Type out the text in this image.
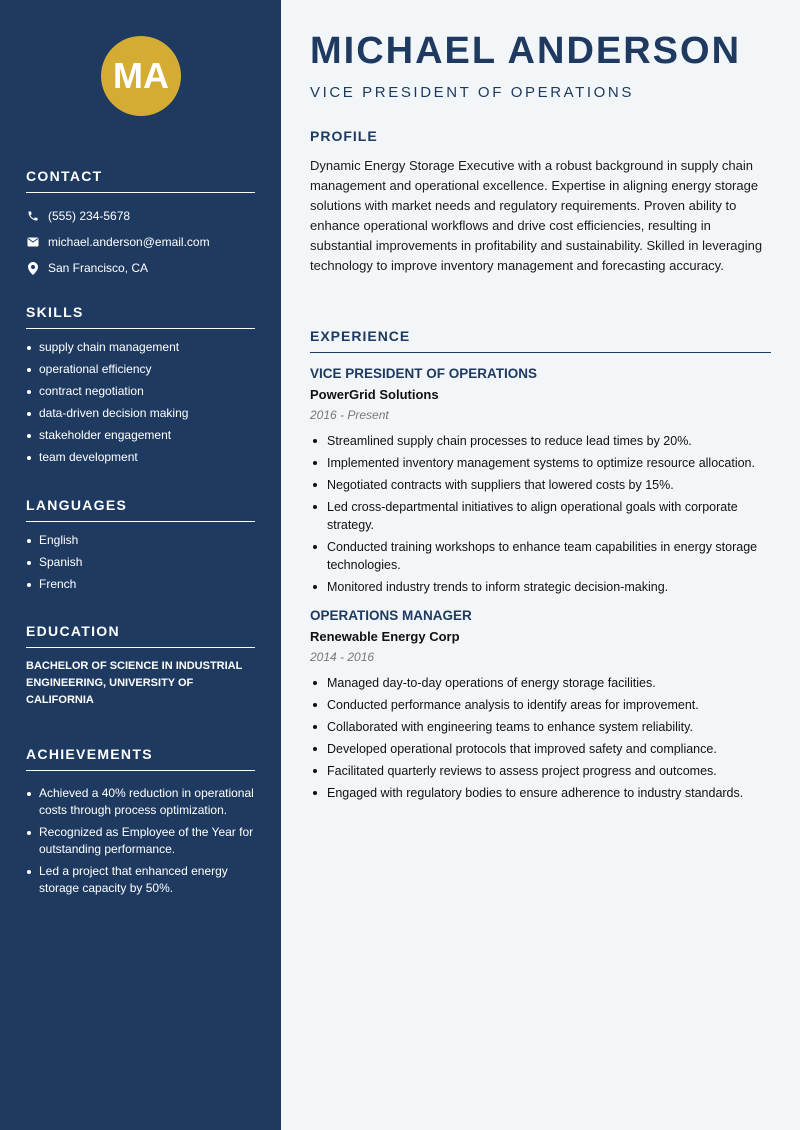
MA
CONTACT
(555) 234-5678
michael.anderson@email.com
San Francisco, CA
SKILLS
supply chain management
operational efficiency
contract negotiation
data-driven decision making
stakeholder engagement
team development
LANGUAGES
English
Spanish
French
EDUCATION
BACHELOR OF SCIENCE IN INDUSTRIAL ENGINEERING, UNIVERSITY OF CALIFORNIA
ACHIEVEMENTS
Achieved a 40% reduction in operational costs through process optimization.
Recognized as Employee of the Year for outstanding performance.
Led a project that enhanced energy storage capacity by 50%.
MICHAEL ANDERSON
VICE PRESIDENT OF OPERATIONS
PROFILE
Dynamic Energy Storage Executive with a robust background in supply chain management and operational excellence. Expertise in aligning energy storage solutions with market needs and regulatory requirements. Proven ability to enhance operational workflows and drive cost efficiencies, resulting in substantial improvements in profitability and sustainability. Skilled in leveraging technology to improve inventory management and forecasting accuracy.
EXPERIENCE
VICE PRESIDENT OF OPERATIONS
PowerGrid Solutions
2016 - Present
Streamlined supply chain processes to reduce lead times by 20%.
Implemented inventory management systems to optimize resource allocation.
Negotiated contracts with suppliers that lowered costs by 15%.
Led cross-departmental initiatives to align operational goals with corporate strategy.
Conducted training workshops to enhance team capabilities in energy storage technologies.
Monitored industry trends to inform strategic decision-making.
OPERATIONS MANAGER
Renewable Energy Corp
2014 - 2016
Managed day-to-day operations of energy storage facilities.
Conducted performance analysis to identify areas for improvement.
Collaborated with engineering teams to enhance system reliability.
Developed operational protocols that improved safety and compliance.
Facilitated quarterly reviews to assess project progress and outcomes.
Engaged with regulatory bodies to ensure adherence to industry standards.
